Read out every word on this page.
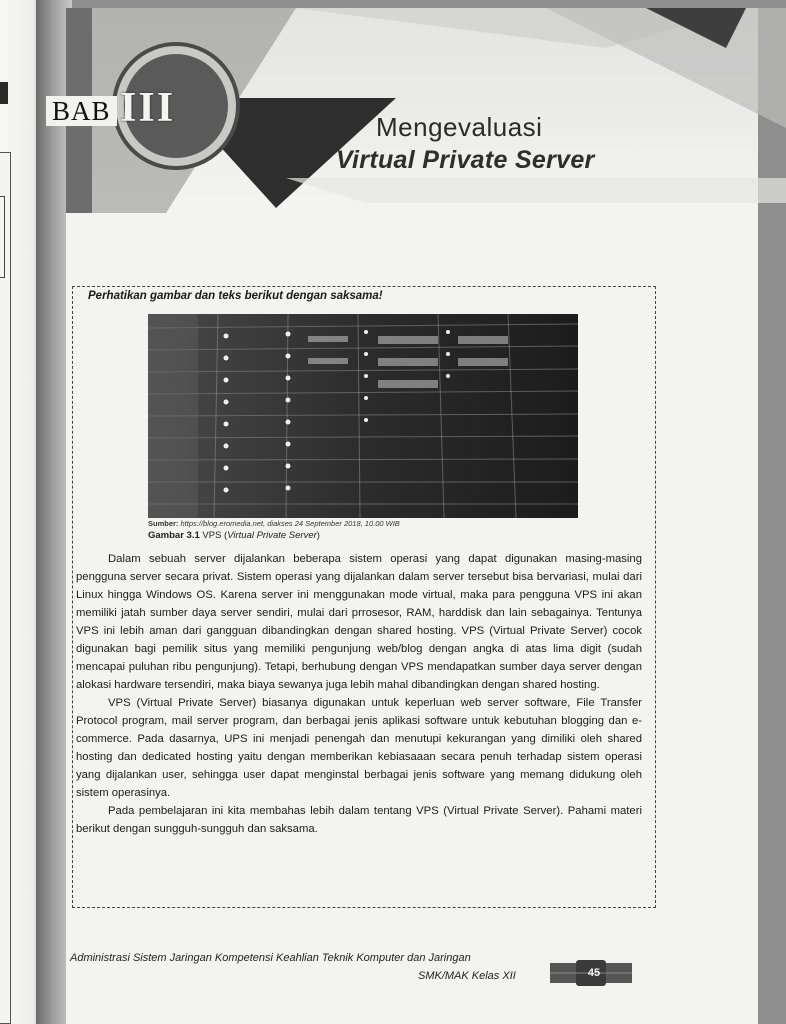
BAB III	Mengevaluasi
Virtual Private Server
Perhatikan gambar dan teks berikut dengan saksama!
Sumber: https://blog.eromedia.net, diakses 24 September 2018, 10.00 WIB
Gambar 3.1 VPS (Virtual Private Server)

Dalam sebuah server dijalankan beberapa sistem operasi yang dapat digunakan masing-masing pengguna server secara privat. Sistem operasi yang dijalankan dalam server tersebut bisa bervariasi, mulai dari Linux hingga Windows OS. Karena server ini menggunakan mode virtual, maka para pengguna VPS ini akan memiliki jatah sumber daya server sendiri, mulai dari prrosesor, RAM, harddisk dan lain sebagainya. Tentunya VPS ini lebih aman dari gangguan dibandingkan dengan shared hosting. VPS (Virtual Private Server) cocok digunakan bagi pemilik situs yang memiliki pengunjung web/blog dengan angka di atas lima digit (sudah mencapai puluhan ribu pengunjung). Tetapi, berhubung dengan VPS mendapatkan sumber daya server dengan alokasi hardware tersendiri, maka biaya sewanya juga lebih mahal dibandingkan dengan shared hosting.

VPS (Virtual Private Server) biasanya digunakan untuk keperluan web server software, File Transfer Protocol program, mail server program, dan berbagai jenis aplikasi software untuk kebutuhan blogging dan e-commerce. Pada dasarnya, UPS ini menjadi penengah dan menutupi kekurangan yang dimiliki oleh shared hosting dan dedicated hosting yaitu dengan memberikan kebiasaaan secara penuh terhadap sistem operasi yang dijalankan user, sehingga user dapat menginstal berbagai jenis software yang memang didukung oleh sistem operasinya.

Pada pembelajaran ini kita membahas lebih dalam tentang VPS (Virtual Private Server). Pahami materi berikut dengan sungguh-sungguh dan saksama.

Administrasi Sistem Jaringan Kompetensi Keahlian Teknik Komputer dan Jaringan
SMK/MAK Kelas XII	45
